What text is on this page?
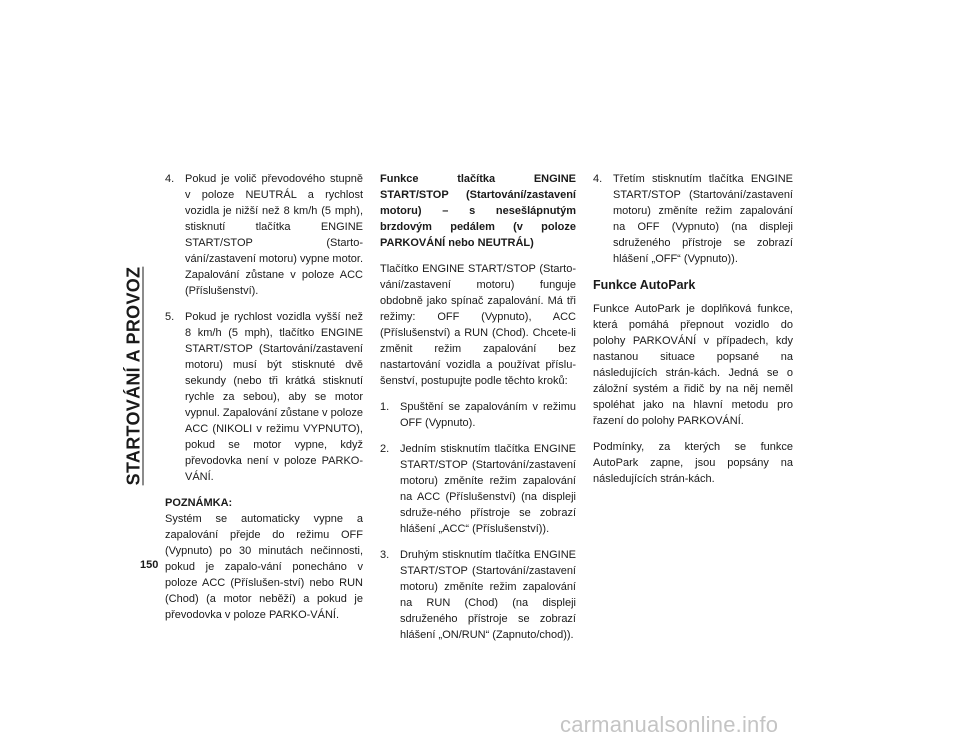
STARTOVÁNÍ A PROVOZ
150
4. Pokud je volič převodového stupně v poloze NEUTRÁL a rychlost vozidla je nižší než 8 km/h (5 mph), stisknutí tlačítka ENGINE START/STOP (Starto-vání/zastavení motoru) vypne motor. Zapalování zůstane v poloze ACC (Příslušenství).
5. Pokud je rychlost vozidla vyšší než 8 km/h (5 mph), tlačítko ENGINE START/STOP (Startování/zastavení motoru) musí být stisknuté dvě sekundy (nebo tři krátká stisknutí rychle za sebou), aby se motor vypnul. Zapalování zůstane v poloze ACC (NIKOLI v režimu VYPNUTO), pokud se motor vypne, když převodovka není v poloze PARKO-VÁNÍ.
POZNÁMKA:
Systém se automaticky vypne a zapalování přejde do režimu OFF (Vypnuto) po 30 minutách nečinnosti, pokud je zapalo-vání ponecháno v poloze ACC (Příslušen-ství) nebo RUN (Chod) (a motor neběží) a pokud je převodovka v poloze PARKO-VÁNÍ.

Funkce tlačítka ENGINE START/STOP (Startování/zastavení motoru) – s nesešlápnutým brzdovým pedálem (v poloze PARKOVÁNÍ nebo NEUTRÁL)

Tlačítko ENGINE START/STOP (Starto-vání/zastavení motoru) funguje obdobně jako spínač zapalování. Má tři režimy: OFF (Vypnuto), ACC (Příslušenství) a RUN (Chod). Chcete-li změnit režim zapalování bez nastartování vozidla a používat příslu-šenství, postupujte podle těchto kroků:

1. Spuštění se zapalováním v režimu OFF (Vypnuto).
2. Jedním stisknutím tlačítka ENGINE START/STOP (Startování/zastavení motoru) změníte režim zapalování na ACC (Příslušenství) (na displeji sdruže-ného přístroje se zobrazí hlášení „ACC“ (Příslušenství)).
3. Druhým stisknutím tlačítka ENGINE START/STOP (Startování/zastavení motoru) změníte režim zapalování na RUN (Chod) (na displeji sdruženého přístroje se zobrazí hlášení „ON/RUN“ (Zapnuto/chod)).
4. Třetím stisknutím tlačítka ENGINE START/STOP (Startování/zastavení motoru) změníte režim zapalování na OFF (Vypnuto) (na displeji sdruženého přístroje se zobrazí hlášení „OFF“ (Vypnuto)).
Funkce AutoPark

Funkce AutoPark je doplňková funkce, která pomáhá přepnout vozidlo do polohy PARKOVÁNÍ v případech, kdy nastanou situace popsané na následujících strán-kách. Jedná se o záložní systém a řidič by na něj neměl spoléhat jako na hlavní metodu pro řazení do polohy PARKOVÁNÍ.

Podmínky, za kterých se funkce AutoPark zapne, jsou popsány na následujících strán-kách.

carmanualsonline.info
